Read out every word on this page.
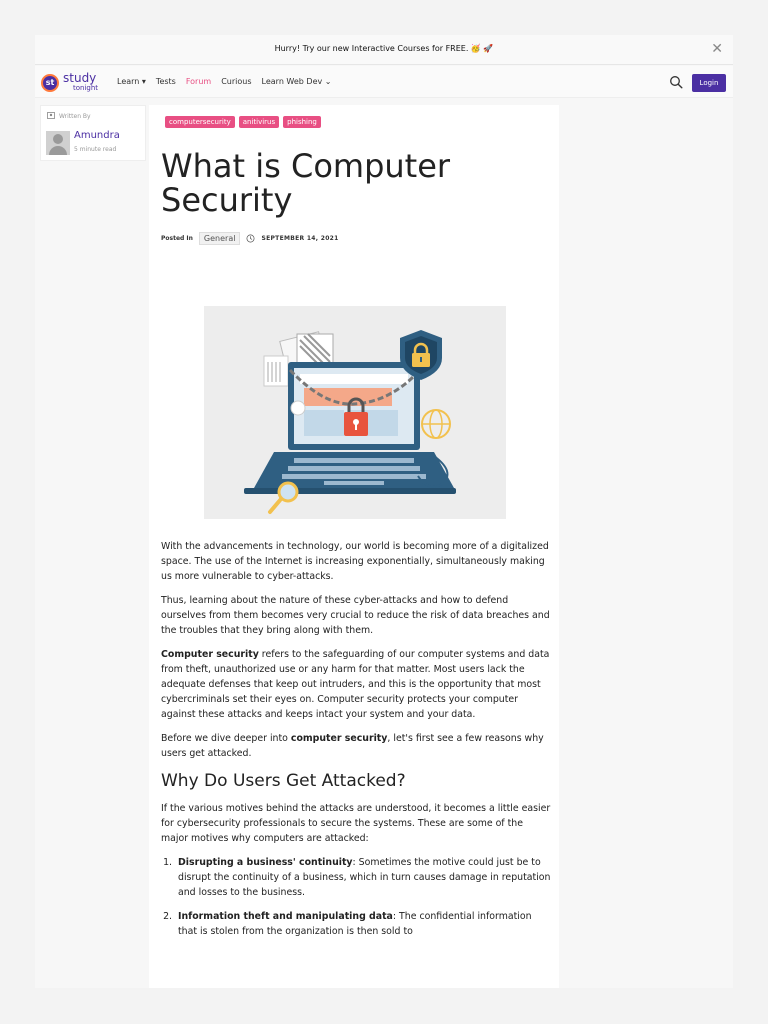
Hurry! Try our new Interactive Courses for FREE. 🥳 🚀	✕
st study
tonight
Learn ▾ Tests Forum Curious Learn Web Dev ⌄	Login
Written By
Amundra
5 minute read
computersecurity	anitivirus	phishing
What is Computer Security
Posted In	General	SEPTEMBER 14, 2021

With the advancements in technology, our world is becoming more of a digitalized space. The use of the Internet is increasing exponentially, simultaneously making us more vulnerable to cyber-attacks.

Thus, learning about the nature of these cyber-attacks and how to defend ourselves from them becomes very crucial to reduce the risk of data breaches and the troubles that they bring along with them.

Computer security refers to the safeguarding of our computer systems and data from theft, unauthorized use or any harm for that matter. Most users lack the adequate defenses that keep out intruders, and this is the opportunity that most cybercriminals set their eyes on. Computer security protects your computer against these attacks and keeps intact your system and your data.

Before we dive deeper into computer security, let's first see a few reasons why users get attacked.

Why Do Users Get Attacked?

If the various motives behind the attacks are understood, it becomes a little easier for cybersecurity professionals to secure the systems. These are some of the major motives why computers are attacked:

1. Disrupting a business' continuity: Sometimes the motive could just be to disrupt the continuity of a business, which in turn causes damage in reputation and losses to the business.
2. Information theft and manipulating data: The confidential information that is stolen from the organization is then sold to
